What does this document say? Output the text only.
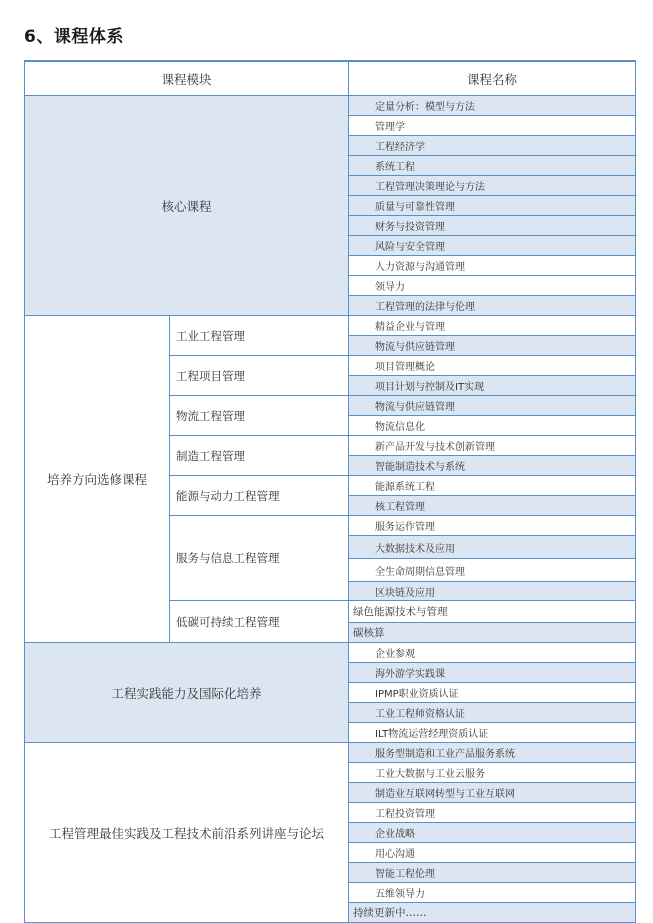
6、课程体系
课程模块		课程名称
核心课程		定量分析：模型与方法
		管理学
		工程经济学
		系统工程
		工程管理决策理论与方法
		质量与可靠性管理
		财务与投资管理
		风险与安全管理
		人力资源与沟通管理
		领导力
		工程管理的法律与伦理
培养方向选修课程	工业工程管理	精益企业与管理
		物流与供应链管理
	工程项目管理	项目管理概论
		项目计划与控制及IT实现
	物流工程管理	物流与供应链管理
		物流信息化
	制造工程管理	新产品开发与技术创新管理
		智能制造技术与系统
	能源与动力工程管理	能源系统工程
		核工程管理
	服务与信息工程管理	服务运作管理
		大数据技术及应用
		全生命周期信息管理
		区块链及应用
	低碳可持续工程管理	绿色能源技术与管理
		碳核算
工程实践能力及国际化培养		企业参观
		海外游学实践课
		IPMP职业资质认证
		工业工程师资格认证
		ILT物流运营经理资质认证
工程管理最佳实践及工程技术前沿系列讲座与论坛		服务型制造和工业产品服务系统
		工业大数据与工业云服务
		制造业互联网转型与工业互联网
		工程投资管理
		企业战略
		用心沟通
		智能工程伦理
		五维领导力
		持续更新中……
